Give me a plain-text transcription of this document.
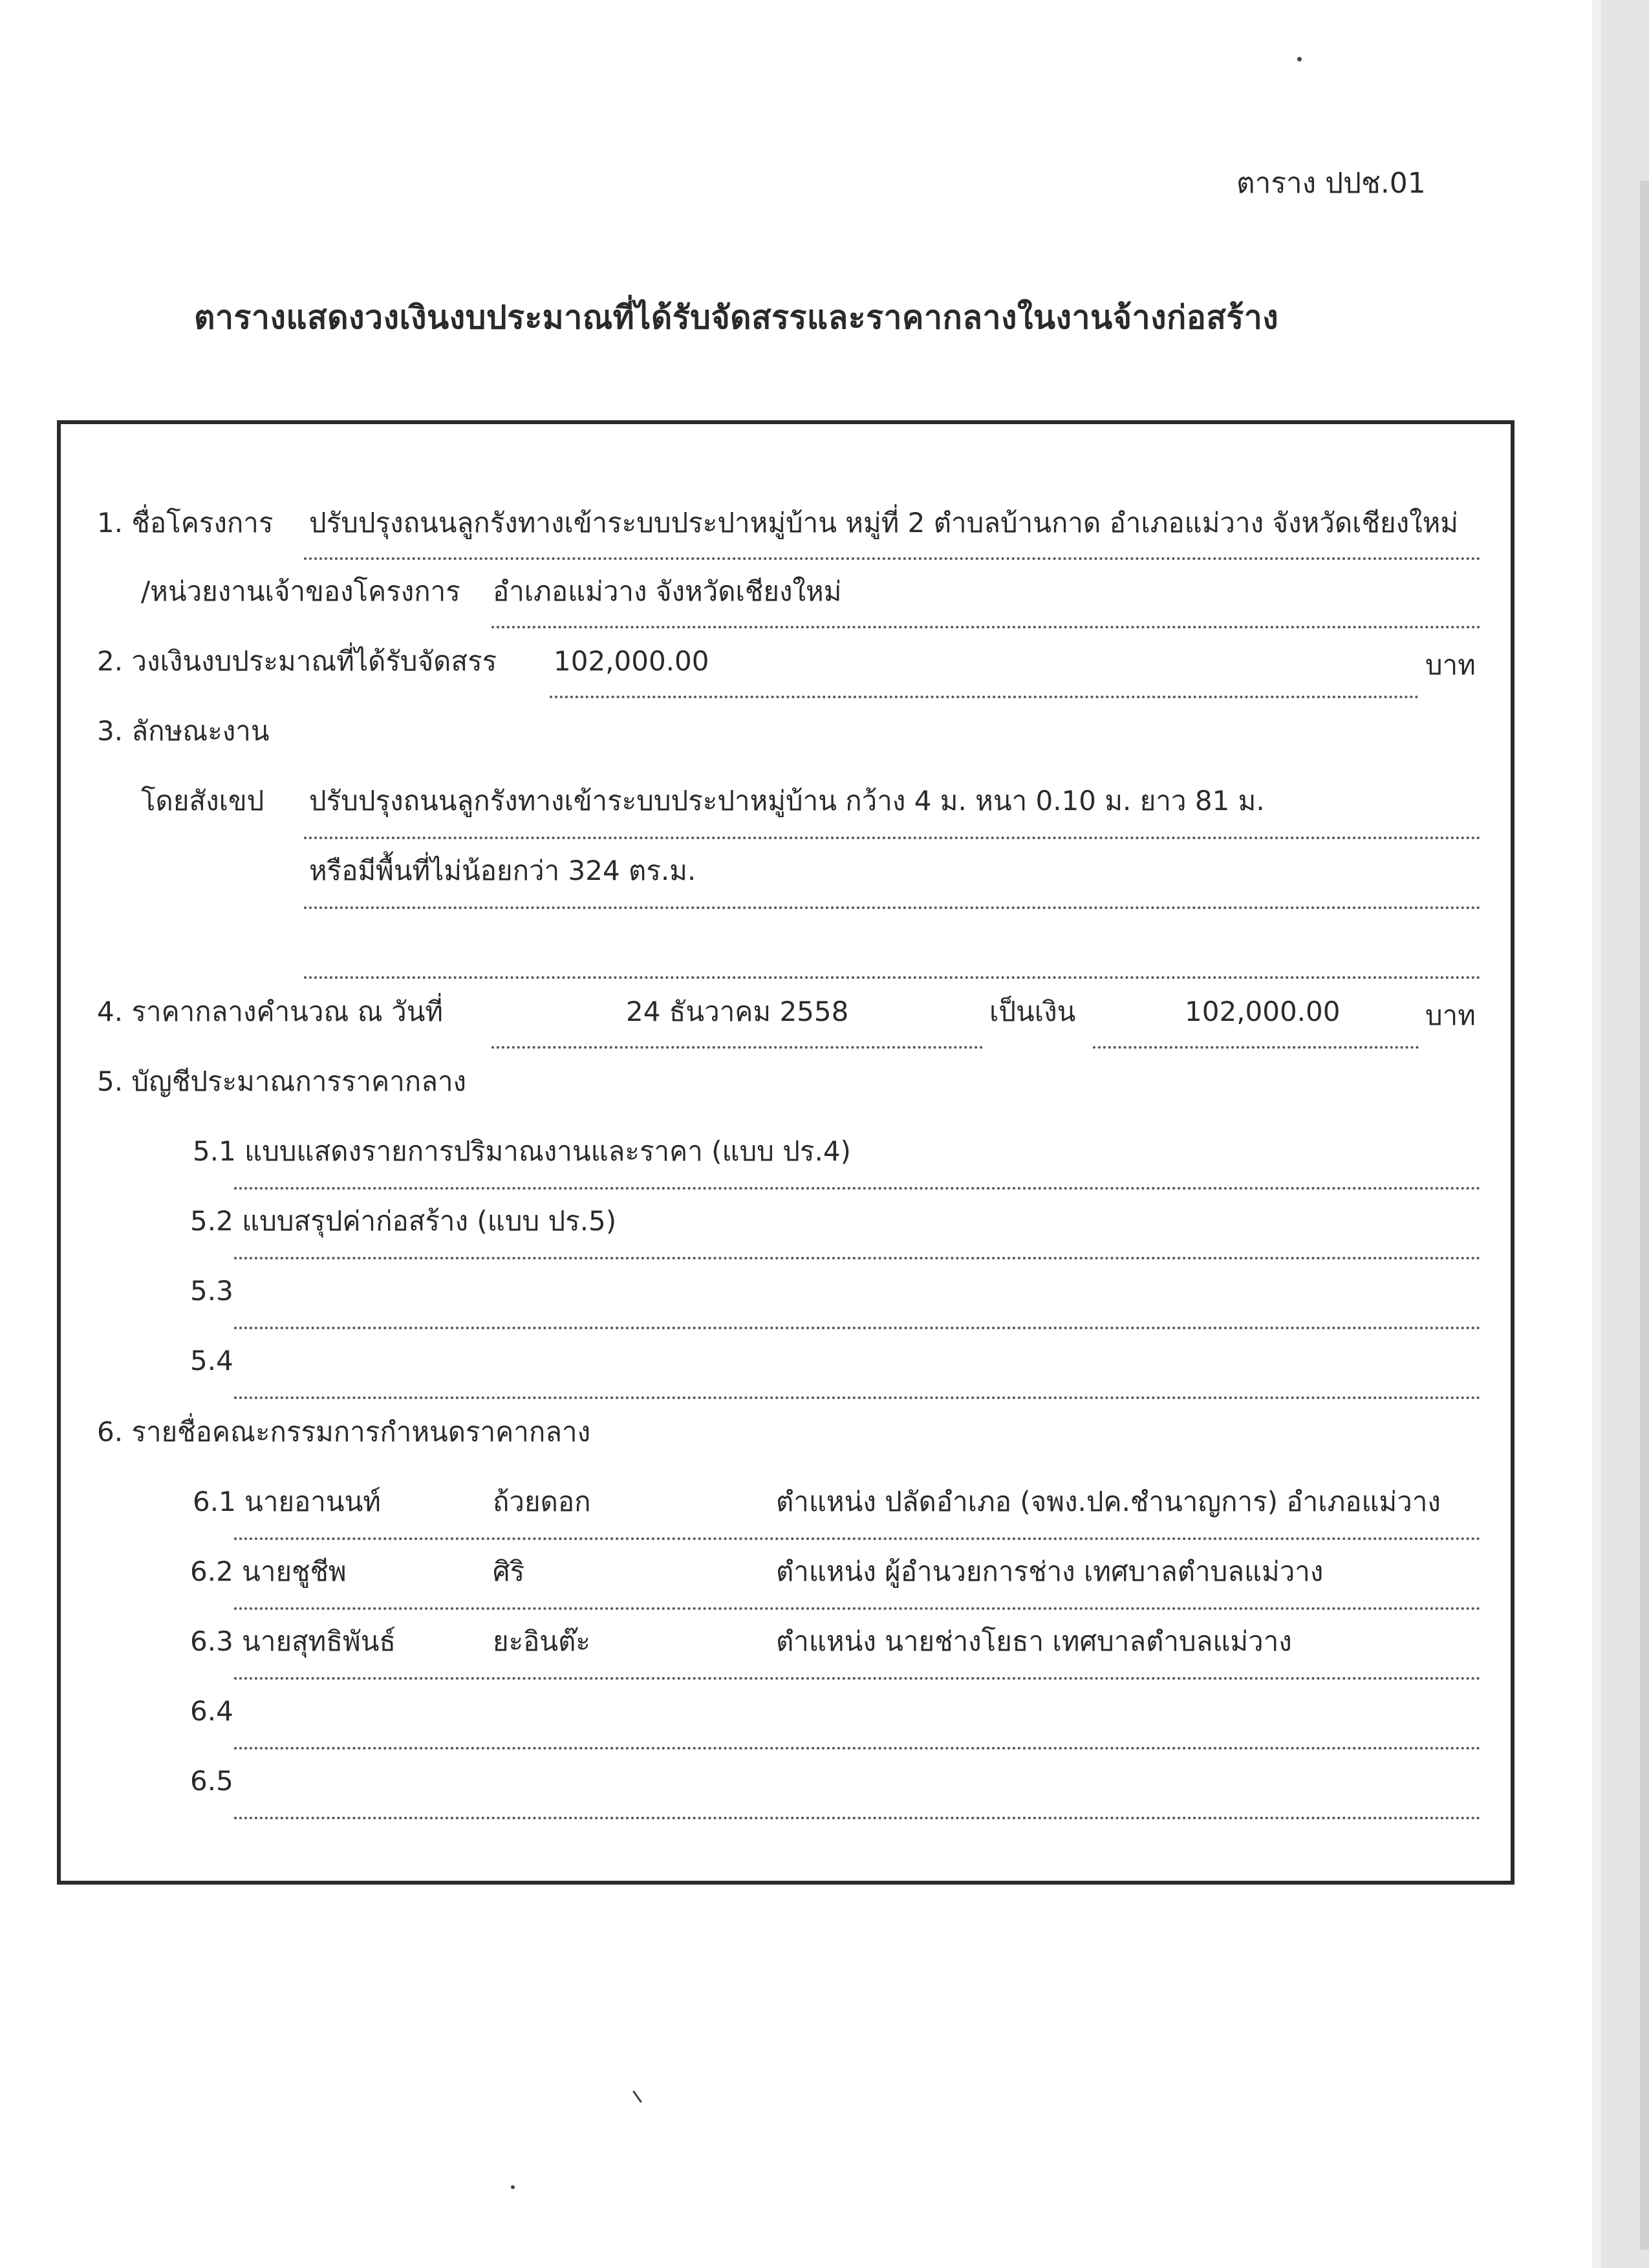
ตาราง ปปช.01
ตารางแสดงวงเงินงบประมาณที่ได้รับจัดสรรและราคากลางในงานจ้างก่อสร้าง
1. ชื่อโครงการ ปรับปรุงถนนลูกรังทางเข้าระบบประปาหมู่บ้าน หมู่ที่ 2 ตำบลบ้านกาด อำเภอแม่วาง จังหวัดเชียงใหม่
/หน่วยงานเจ้าของโครงการ อำเภอแม่วาง จังหวัดเชียงใหม่
2. วงเงินงบประมาณที่ได้รับจัดสรร 102,000.00	บาท
3. ลักษณะงาน
โดยสังเขป ปรับปรุงถนนลูกรังทางเข้าระบบประปาหมู่บ้าน กว้าง 4 ม. หนา 0.10 ม. ยาว 81 ม.
หรือมีพื้นที่ไม่น้อยกว่า 324 ตร.ม.
4. ราคากลางคำนวณ ณ วันที่	24 ธันวาคม 2558	เป็นเงิน	102,000.00	บาท
5. บัญชีประมาณการราคากลาง
5.1 แบบแสดงรายการปริมาณงานและราคา (แบบ ปร.4)
5.2 แบบสรุปค่าก่อสร้าง (แบบ ปร.5)
5.3
5.4
6. รายชื่อคณะกรรมการกำหนดราคากลาง
6.1 นายอานนท์	ถ้วยดอก	ตำแหน่ง ปลัดอำเภอ (จพง.ปค.ชำนาญการ) อำเภอแม่วาง
6.2 นายชูชีพ	ศิริ	ตำแหน่ง ผู้อำนวยการช่าง เทศบาลตำบลแม่วาง
6.3 นายสุทธิพันธ์	ยะอินต๊ะ	ตำแหน่ง นายช่างโยธา เทศบาลตำบลแม่วาง
6.4
6.5
